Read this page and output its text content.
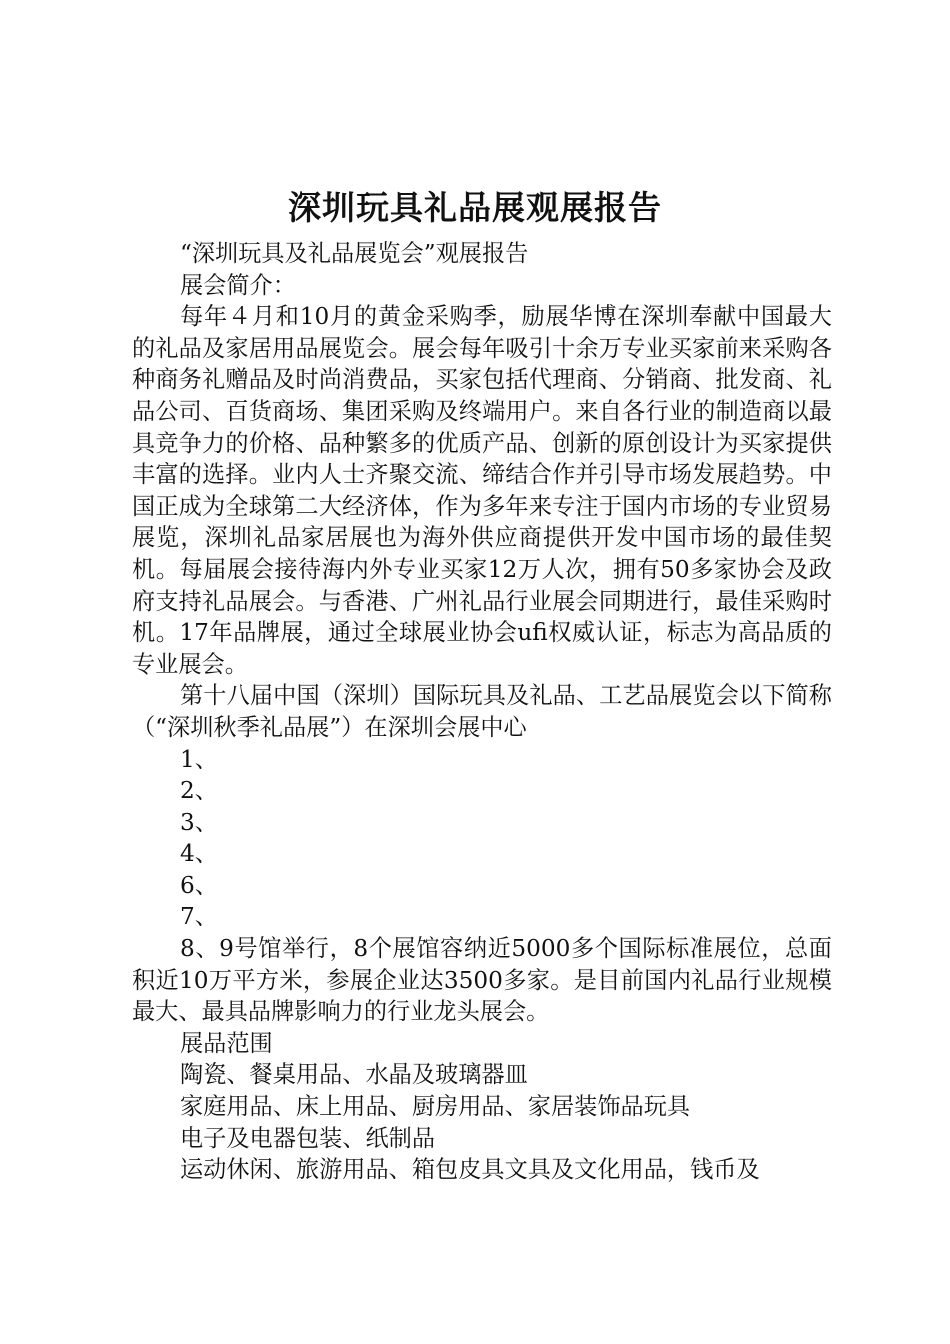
深圳玩具礼品展观展报告

“深圳玩具及礼品展览会”观展报告

展会简介：

每年４月和10月的黄金采购季，励展华博在深圳奉献中国最大的礼品及家居用品展览会。展会每年吸引十余万专业买家前来采购各种商务礼赠品及时尚消费品，买家包括代理商、分销商、批发商、礼品公司、百货商场、集团采购及终端用户。来自各行业的制造商以最具竞争力的价格、品种繁多的优质产品、创新的原创设计为买家提供丰富的选择。业内人士齐聚交流、缔结合作并引导市场发展趋势。中国正成为全球第二大经济体，作为多年来专注于国内市场的专业贸易展览，深圳礼品家居展也为海外供应商提供开发中国市场的最佳契机。每届展会接待海内外专业买家12万人次，拥有50多家协会及政府支持礼品展会。与香港、广州礼品行业展会同期进行，最佳采购时机。17年品牌展，通过全球展业协会ufi权威认证，标志为高品质的专业展会。

第十八届中国（深圳）国际玩具及礼品、工艺品展览会以下简称（“深圳秋季礼品展”）在深圳会展中心

1、

2、

3、

4、

6、

7、

8、9号馆举行，8个展馆容纳近5000多个国际标准展位，总面积近10万平方米，参展企业达3500多家。是目前国内礼品行业规模最大、最具品牌影响力的行业龙头展会。

展品范围

陶瓷、餐桌用品、水晶及玻璃器皿

家庭用品、床上用品、厨房用品、家居装饰品玩具

电子及电器包装、纸制品

运动休闲、旅游用品、箱包皮具文具及文化用品，钱币及
